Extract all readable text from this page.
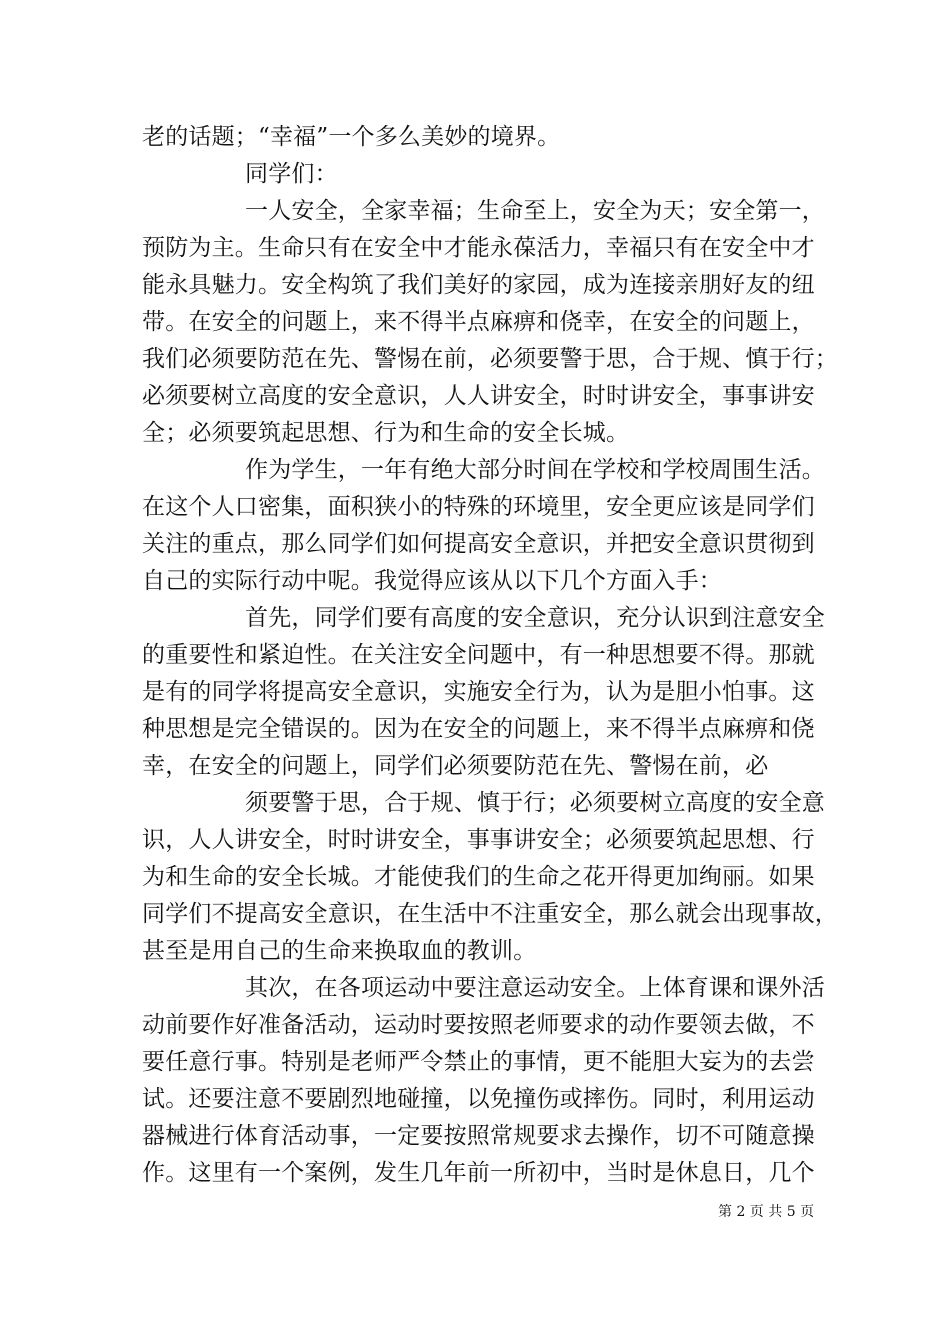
老的话题；“幸福”一个多么美妙的境界。
同学们：
一人安全，全家幸福；生命至上，安全为天；安全第一，
预防为主。生命只有在安全中才能永葆活力，幸福只有在安全中才
能永具魅力。安全构筑了我们美好的家园，成为连接亲朋好友的纽
带。在安全的问题上，来不得半点麻痹和侥幸，在安全的问题上，
我们必须要防范在先、警惕在前，必须要警于思，合于规、慎于行；
必须要树立高度的安全意识，人人讲安全，时时讲安全，事事讲安
全；必须要筑起思想、行为和生命的安全长城。
作为学生，一年有绝大部分时间在学校和学校周围生活。
在这个人口密集，面积狭小的特殊的环境里，安全更应该是同学们
关注的重点，那么同学们如何提高安全意识，并把安全意识贯彻到
自己的实际行动中呢。我觉得应该从以下几个方面入手：
首先，同学们要有高度的安全意识，充分认识到注意安全
的重要性和紧迫性。在关注安全问题中，有一种思想要不得。那就
是有的同学将提高安全意识，实施安全行为，认为是胆小怕事。这
种思想是完全错误的。因为在安全的问题上，来不得半点麻痹和侥
幸，在安全的问题上，同学们必须要防范在先、警惕在前，必
须要警于思，合于规、慎于行；必须要树立高度的安全意
识，人人讲安全，时时讲安全，事事讲安全；必须要筑起思想、行
为和生命的安全长城。才能使我们的生命之花开得更加绚丽。如果
同学们不提高安全意识，在生活中不注重安全，那么就会出现事故，
甚至是用自己的生命来换取血的教训。
其次，在各项运动中要注意运动安全。上体育课和课外活
动前要作好准备活动，运动时要按照老师要求的动作要领去做，不
要任意行事。特别是老师严令禁止的事情，更不能胆大妄为的去尝
试。还要注意不要剧烈地碰撞，以免撞伤或摔伤。同时，利用运动
器械进行体育活动事，一定要按照常规要求去操作，切不可随意操
作。这里有一个案例，发生几年前一所初中，当时是休息日，几个
第 2 页 共 5 页
